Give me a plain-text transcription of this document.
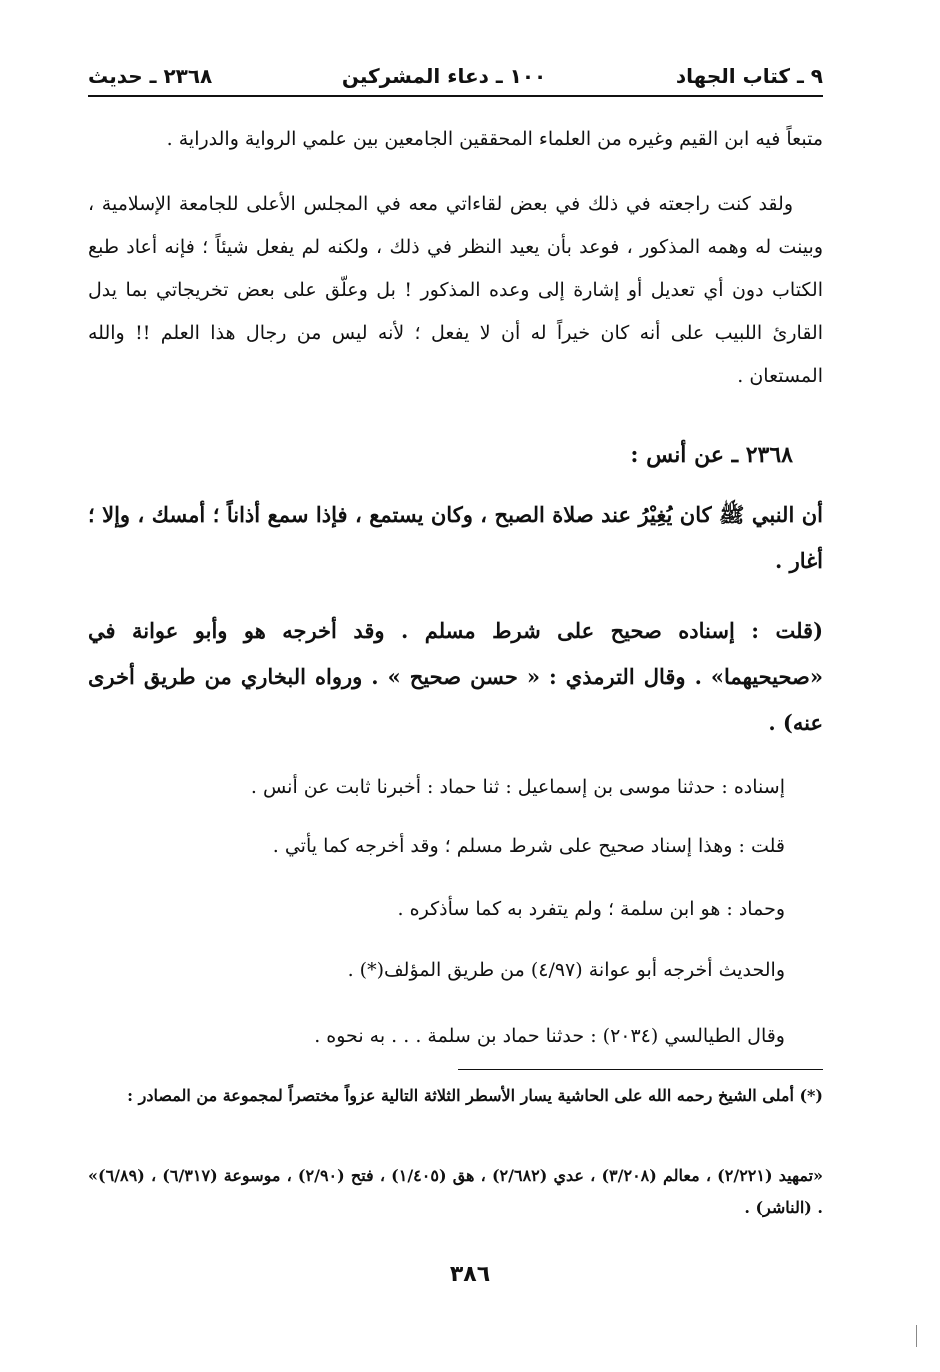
٩ ـ كتاب الجهاد
١٠٠ ـ دعاء المشركين
٢٣٦٨ ـ حديث
متبعاً فيه ابن القيم وغيره من العلماء المحققين الجامعين بين علمي الرواية والدراية .
ولقد كنت راجعته في ذلك في بعض لقاءاتي معه في المجلس الأعلى للجامعة الإسلامية ، وبينت له وهمه المذكور ، فوعد بأن يعيد النظر في ذلك ، ولكنه لم يفعل شيئاً ؛ فإنه أعاد طبع الكتاب دون أي تعديل أو إشارة إلى وعده المذكور ! بل وعلّق على بعض تخريجاتي بما يدل القارئ اللبيب على أنه كان خيراً له أن لا يفعل ؛ لأنه ليس من رجال هذا العلم !! والله المستعان .
٢٣٦٨ ـ عن أنس :
أن النبي ﷺ كان يُغِيْرُ عند صلاة الصبح ، وكان يستمع ، فإذا سمع أذاناً ؛ أمسك ، وإلا ؛ أغار .
(قلت : إسناده صحيح على شرط مسلم . وقد أخرجه هو وأبو عوانة في «صحيحيهما» . وقال الترمذي : « حسن صحيح » . ورواه البخاري من طريق أخرى عنه) .
إسناده : حدثنا موسى بن إسماعيل : ثنا حماد : أخبرنا ثابت عن أنس .
قلت : وهذا إسناد صحيح على شرط مسلم ؛ وقد أخرجه كما يأتي .
وحماد : هو ابن سلمة ؛ ولم يتفرد به كما سأذكره .
والحديث أخرجه أبو عوانة (٤/٩٧) من طريق المؤلف(*) .
وقال الطيالسي (٢٠٣٤) : حدثنا حماد بن سلمة . . . به نحوه .
(*) أملى الشيخ رحمه الله على الحاشية يسار الأسطر الثلاثة التالية عزواً مختصراً لمجموعة من المصادر :
«تمهيد (٢/٢٢١) ، معالم (٣/٢٠٨) ، عدي (٢/٦٨٢) ، هق (١/٤٠٥) ، فتح (٢/٩٠) ، موسوعة (٦/٣١٧) ، (٦/٨٩)» . (الناشر) .
٣٨٦
